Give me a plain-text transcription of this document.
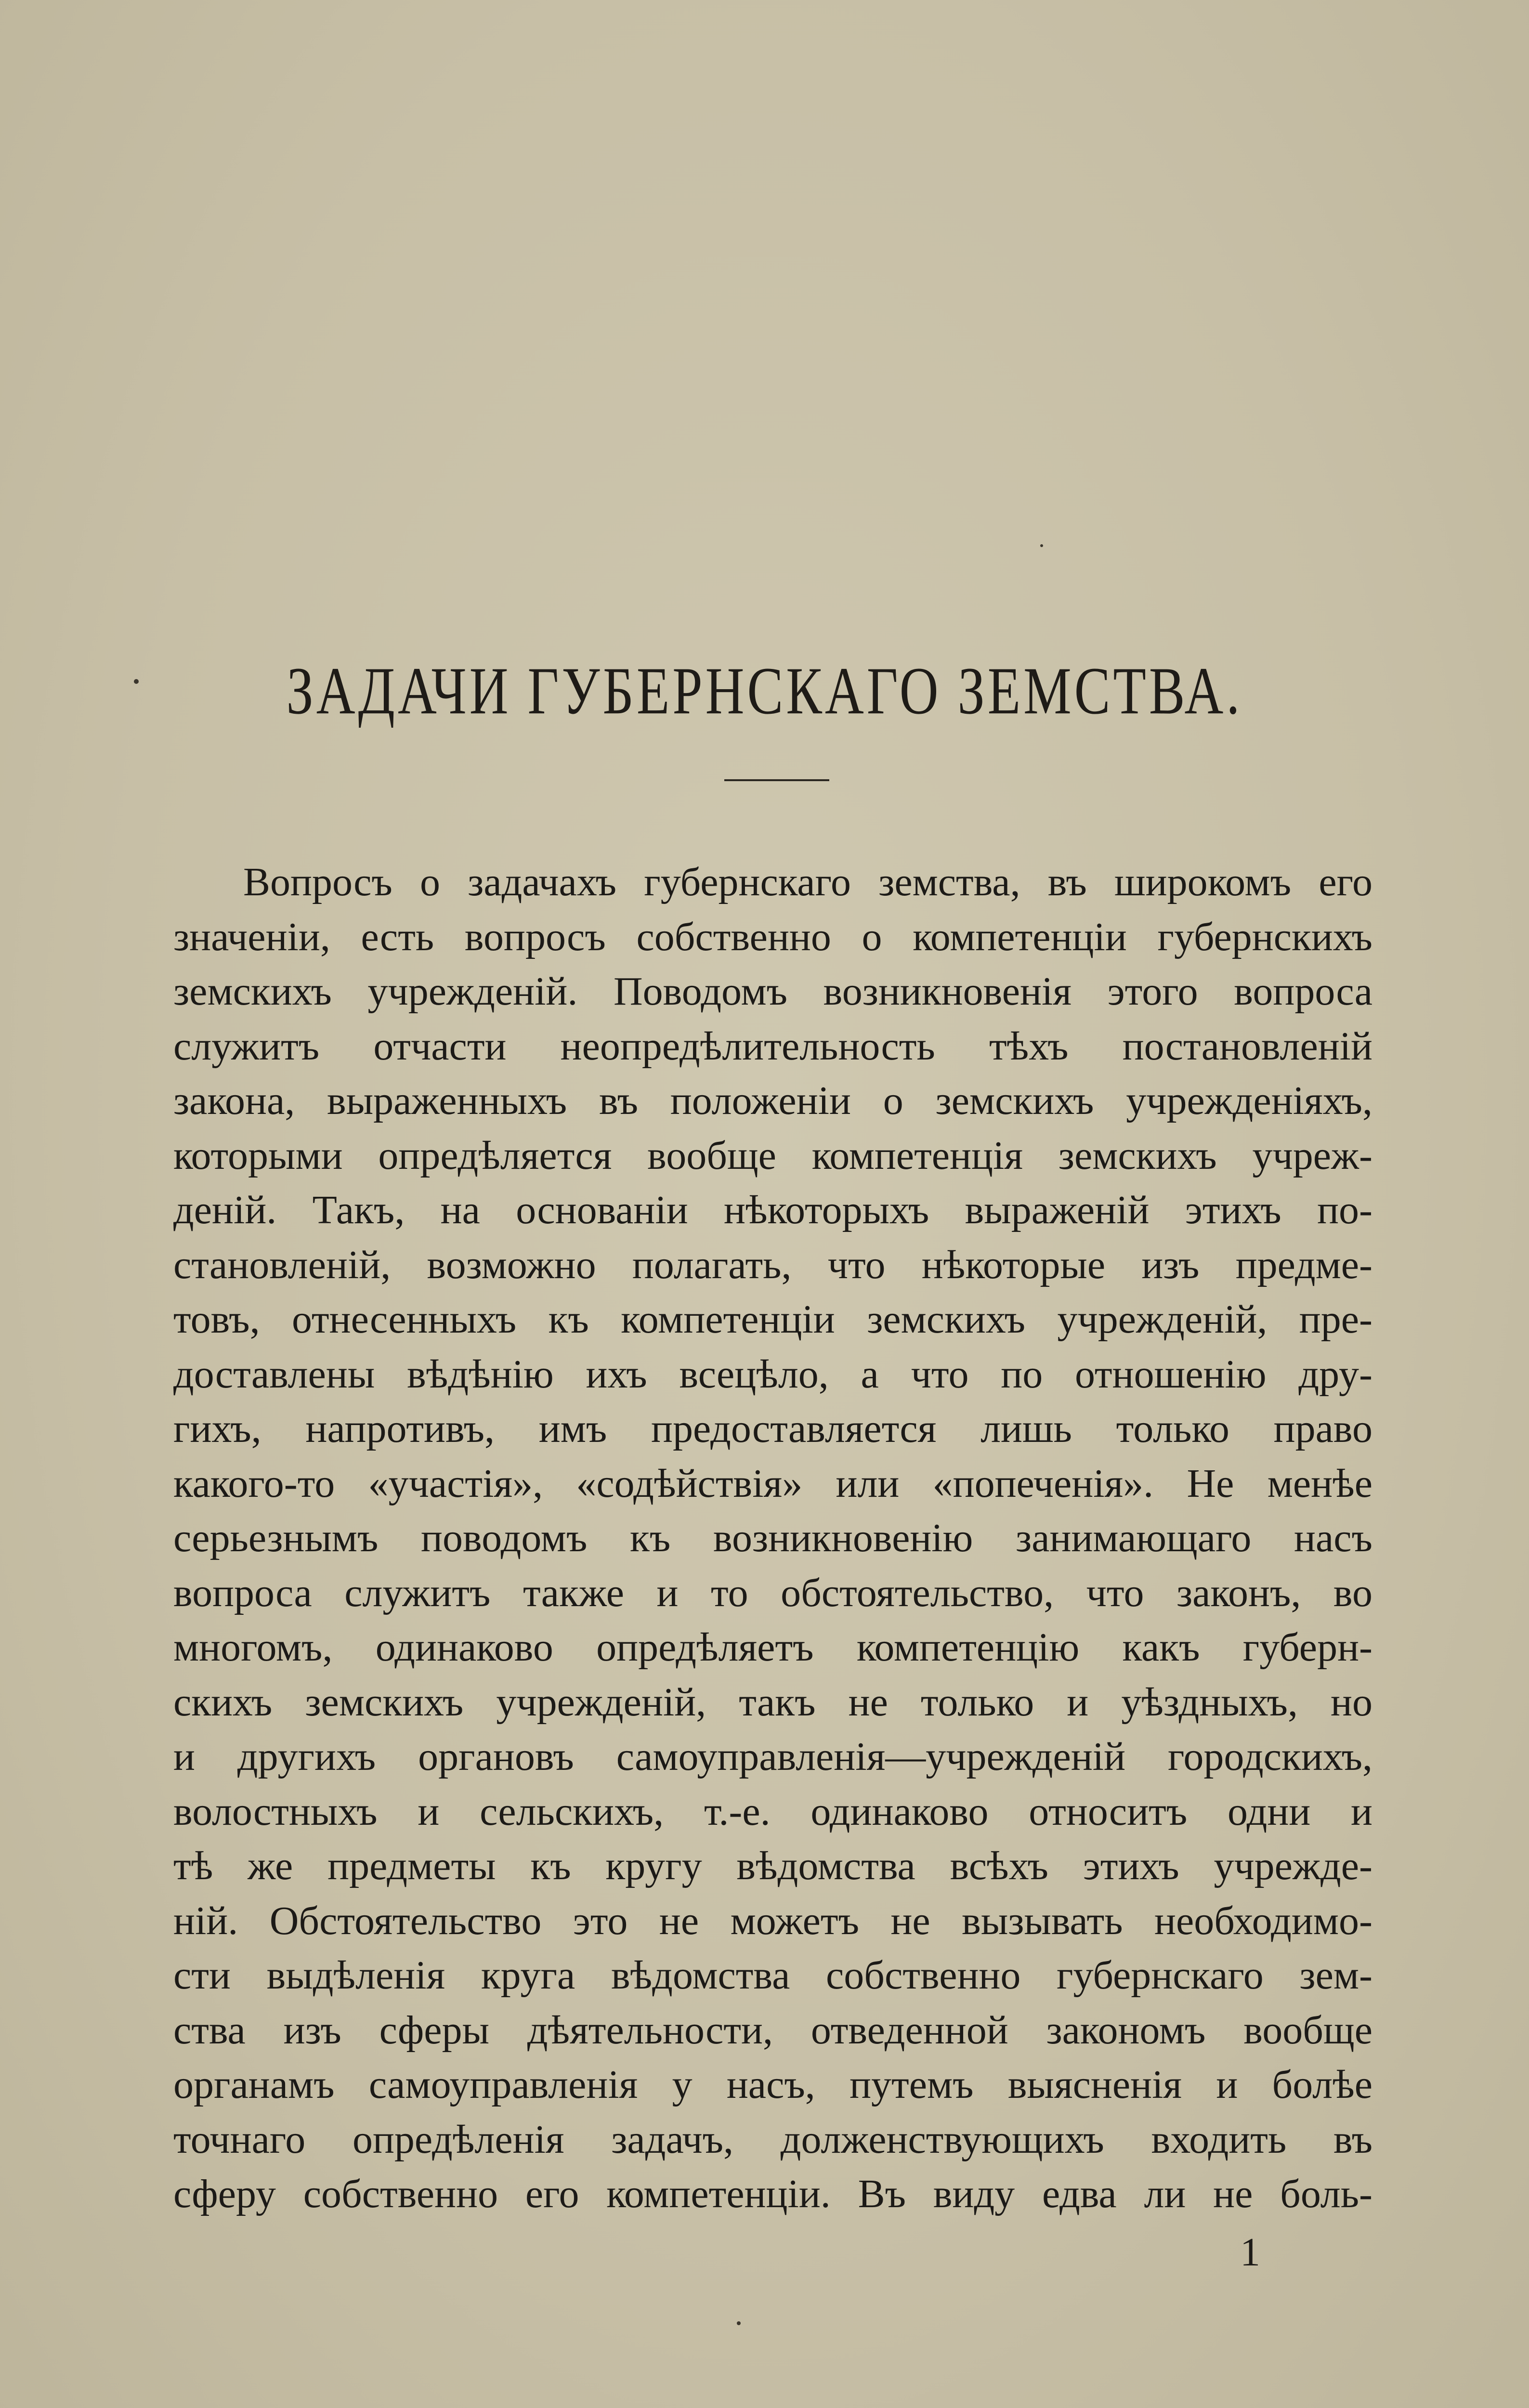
ЗАДАЧИ ГУБЕРНСКАГО ЗЕМСТВА.
Вопросъ о задачахъ губернскаго земства, въ широкомъ его
значеніи, есть вопросъ собственно о компетенціи губернскихъ
земскихъ учрежденій. Поводомъ возникновенія этого вопроса
служитъ отчасти неопредѣлительность тѣхъ постановленій
закона, выраженныхъ въ положеніи о земскихъ учрежденіяхъ,
которыми опредѣляется вообще компетенція земскихъ учреж-
деній. Такъ, на основаніи нѣкоторыхъ выраженій этихъ по-
становленій, возможно полагать, что нѣкоторые изъ предме-
товъ, отнесенныхъ къ компетенціи земскихъ учрежденій, пре-
доставлены вѣдѣнію ихъ всецѣло, а что по отношенію дру-
гихъ, напротивъ, имъ предоставляется лишь только право
какого-то «участія», «содѣйствія» или «попеченія». Не менѣе
серьезнымъ поводомъ къ возникновенію занимающаго насъ
вопроса служитъ также и то обстоятельство, что законъ, во
многомъ, одинаково опредѣляетъ компетенцію какъ губерн-
скихъ земскихъ учрежденій, такъ не только и уѣздныхъ, но
и другихъ органовъ самоуправленія—учрежденій городскихъ,
волостныхъ и сельскихъ, т.-е. одинаково относитъ одни и
тѣ же предметы къ кругу вѣдомства всѣхъ этихъ учрежде-
ній. Обстоятельство это не можетъ не вызывать необходимо-
сти выдѣленія круга вѣдомства собственно губернскаго зем-
ства изъ сферы дѣятельности, отведенной закономъ вообще
органамъ самоуправленія у насъ, путемъ выясненія и болѣе
точнаго опредѣленія задачъ, долженствующихъ входить въ
сферу собственно его компетенціи. Въ виду едва ли не боль-
1
